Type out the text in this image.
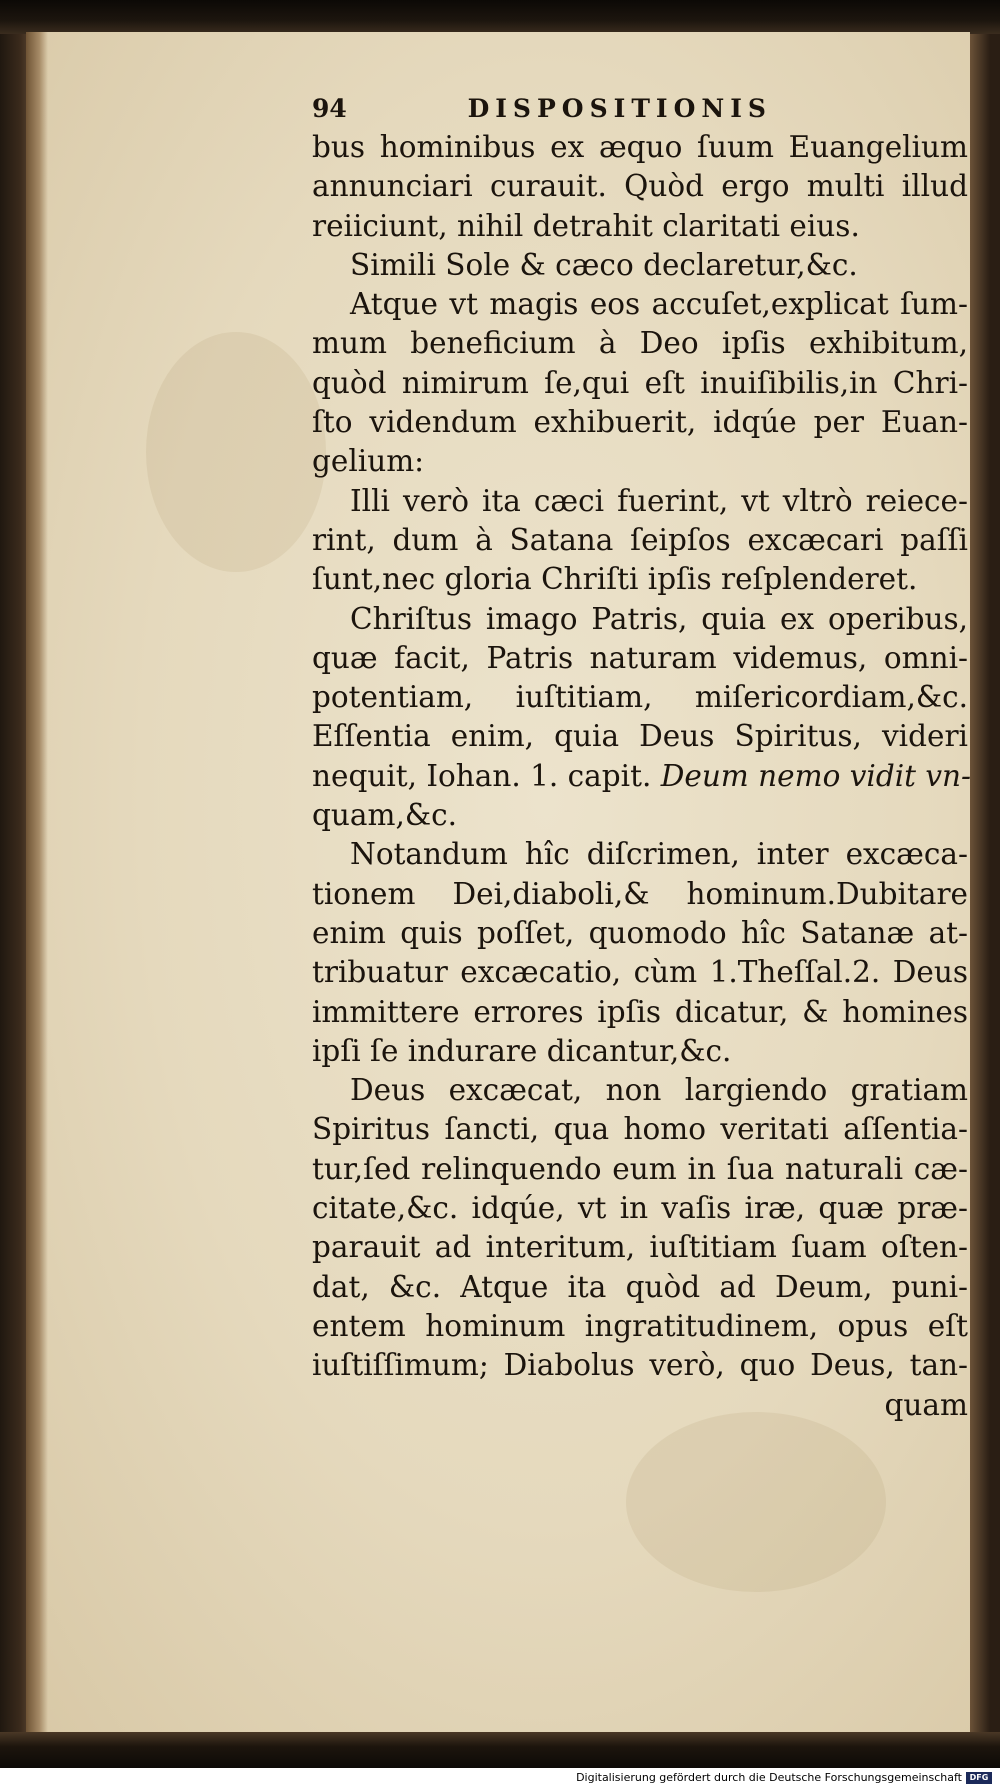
94	DISPOSITIONIS
bus hominibus ex æquo ſuum Euangelium
annunciari curauit. Quòd ergo multi illud
reiiciunt, nihil detrahit claritati eius.
Simili Sole & cæco declaretur,&c.
Atque vt magis eos accuſet,explicat ſum-
mum beneficium à Deo ipſis exhibitum,
quòd nimirum ſe,qui eſt inuiſibilis,in Chri-
ſto videndum exhibuerit, idqúe per Euan-
gelium:
Illi verò ita cæci fuerint, vt vltrò reiece-
rint, dum à Satana ſeipſos excæcari paſſi
ſunt,nec gloria Chriſti ipſis reſplenderet.
Chriſtus imago Patris, quia ex operibus,
quæ facit, Patris naturam videmus, omni-
potentiam, iuſtitiam, miſericordiam,&c.
Eſſentia enim, quia Deus Spiritus, videri
nequit, Iohan. 1. capit. Deum nemo vidit vn-
quam,&c.
Notandum hîc diſcrimen, inter excæca-
tionem Dei,diaboli,& hominum.Dubitare
enim quis poſſet, quomodo hîc Satanæ at-
tribuatur excæcatio, cùm 1.Theſſal.2. Deus
immittere errores ipſis dicatur, & homines
ipſi ſe indurare dicantur,&c.
Deus excæcat, non largiendo gratiam
Spiritus ſancti, qua homo veritati aſſentia-
tur,ſed relinquendo eum in ſua naturali cæ-
citate,&c. idqúe, vt in vaſis iræ, quæ præ-
parauit ad interitum, iuſtitiam ſuam oſten-
dat, &c. Atque ita quòd ad Deum, puni-
entem hominum ingratitudinem, opus eſt
iuſtiſſimum; Diabolus verò, quo Deus, tan-
quam
Digitalisierung gefördert durch die Deutsche Forschungsgemeinschaft DFG
